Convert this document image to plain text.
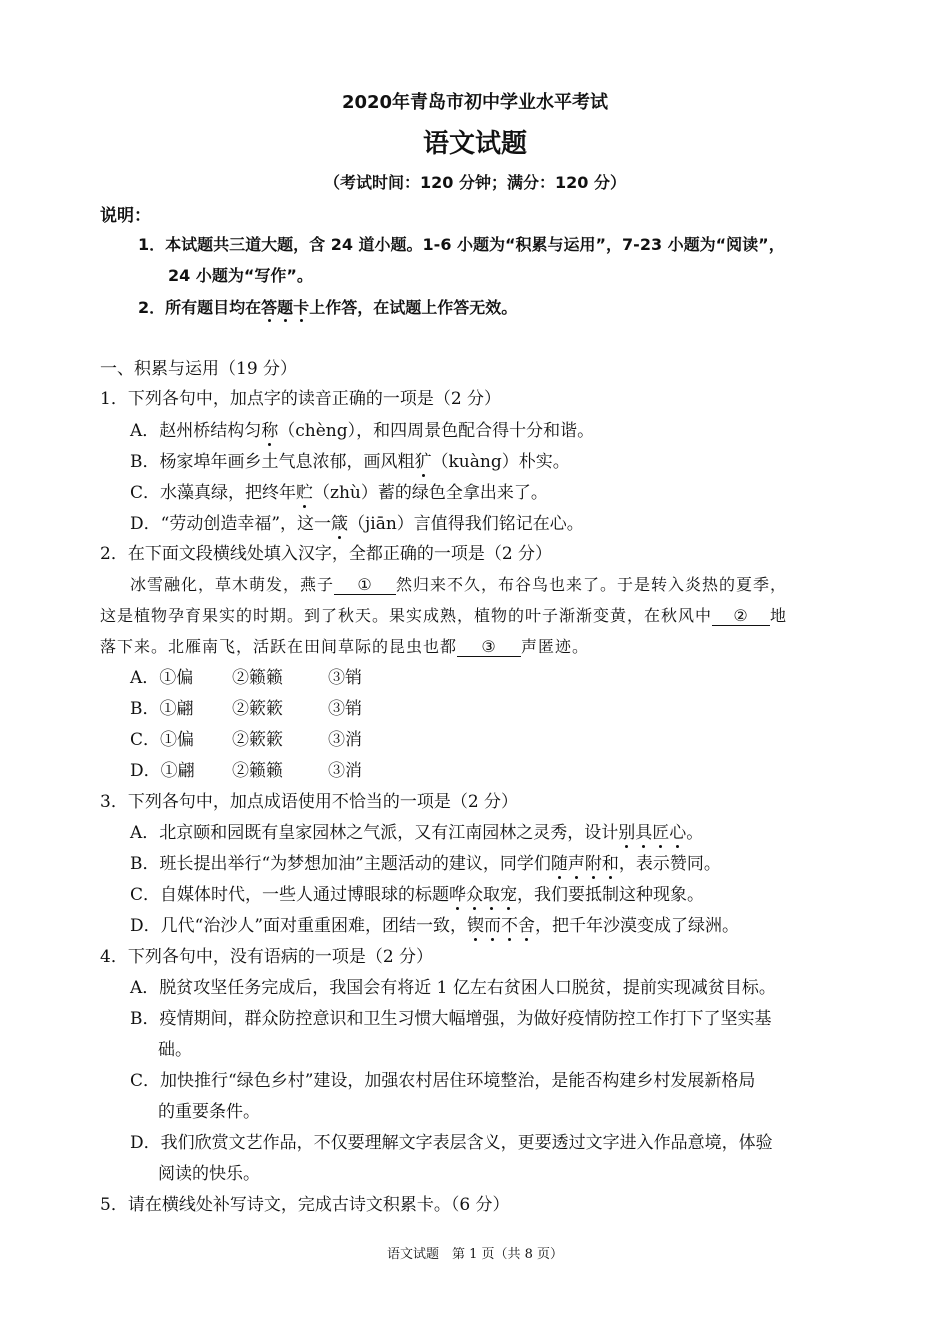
2020年青岛市初中学业水平考试
语文试题
（考试时间：120 分钟；满分：120 分）
说明：
1．本试题共三道大题，含 24 道小题。1-6 小题为“积累与运用”，7-23 小题为“阅读”，
24 小题为“写作”。
2．所有题目均在答题卡上作答，在试题上作答无效。
一、积累与运用（19 分）
1．下列各句中，加点字的读音正确的一项是（2 分）
A．赵州桥结构匀称（chèng），和四周景色配合得十分和谐。
B．杨家埠年画乡土气息浓郁，画风粗犷（kuàng）朴实。
C．水藻真绿，把终年贮（zhù）蓄的绿色全拿出来了。
D．“劳动创造幸福”，这一箴（jiān）言值得我们铭记在心。
2．在下面文段横线处填入汉字，全都正确的一项是（2 分）
冰雪融化，草木萌发，燕子 ① 然归来不久，布谷鸟也来了。于是转入炎热的夏季，
这是植物孕育果实的时期。到了秋天。果实成熟，植物的叶子渐渐变黄，在秋风中 ② 地
落下来。北雁南飞，活跃在田间草际的昆虫也都 ③ 声匿迹。
A．①偏 ②籁籁	③销
B．①翩 ②簌簌	③销
C．①偏 ②簌簌	③消
D．①翩 ②籁籁	③消
3．下列各句中，加点成语使用不恰当的一项是（2 分）
A．北京颐和园既有皇家园林之气派，又有江南园林之灵秀，设计别具匠心。
B．班长提出举行“为梦想加油”主题活动的建议，同学们随声附和，表示赞同。
C．自媒体时代，一些人通过博眼球的标题哗众取宠，我们要抵制这种现象。
D．几代“治沙人”面对重重困难，团结一致，锲而不舍，把千年沙漠变成了绿洲。
4．下列各句中，没有语病的一项是（2 分）
A．脱贫攻坚任务完成后，我国会有将近 1 亿左右贫困人口脱贫，提前实现减贫目标。
B．疫情期间，群众防控意识和卫生习惯大幅增强，为做好疫情防控工作打下了坚实基
础。
C．加快推行“绿色乡村”建设，加强农村居住环境整治，是能否构建乡村发展新格局
的重要条件。
D．我们欣赏文艺作品，不仅要理解文字表层含义，更要透过文字进入作品意境，体验
阅读的快乐。
5．请在横线处补写诗文，完成古诗文积累卡。（6 分）
语文试题　第 1 页（共 8 页）
